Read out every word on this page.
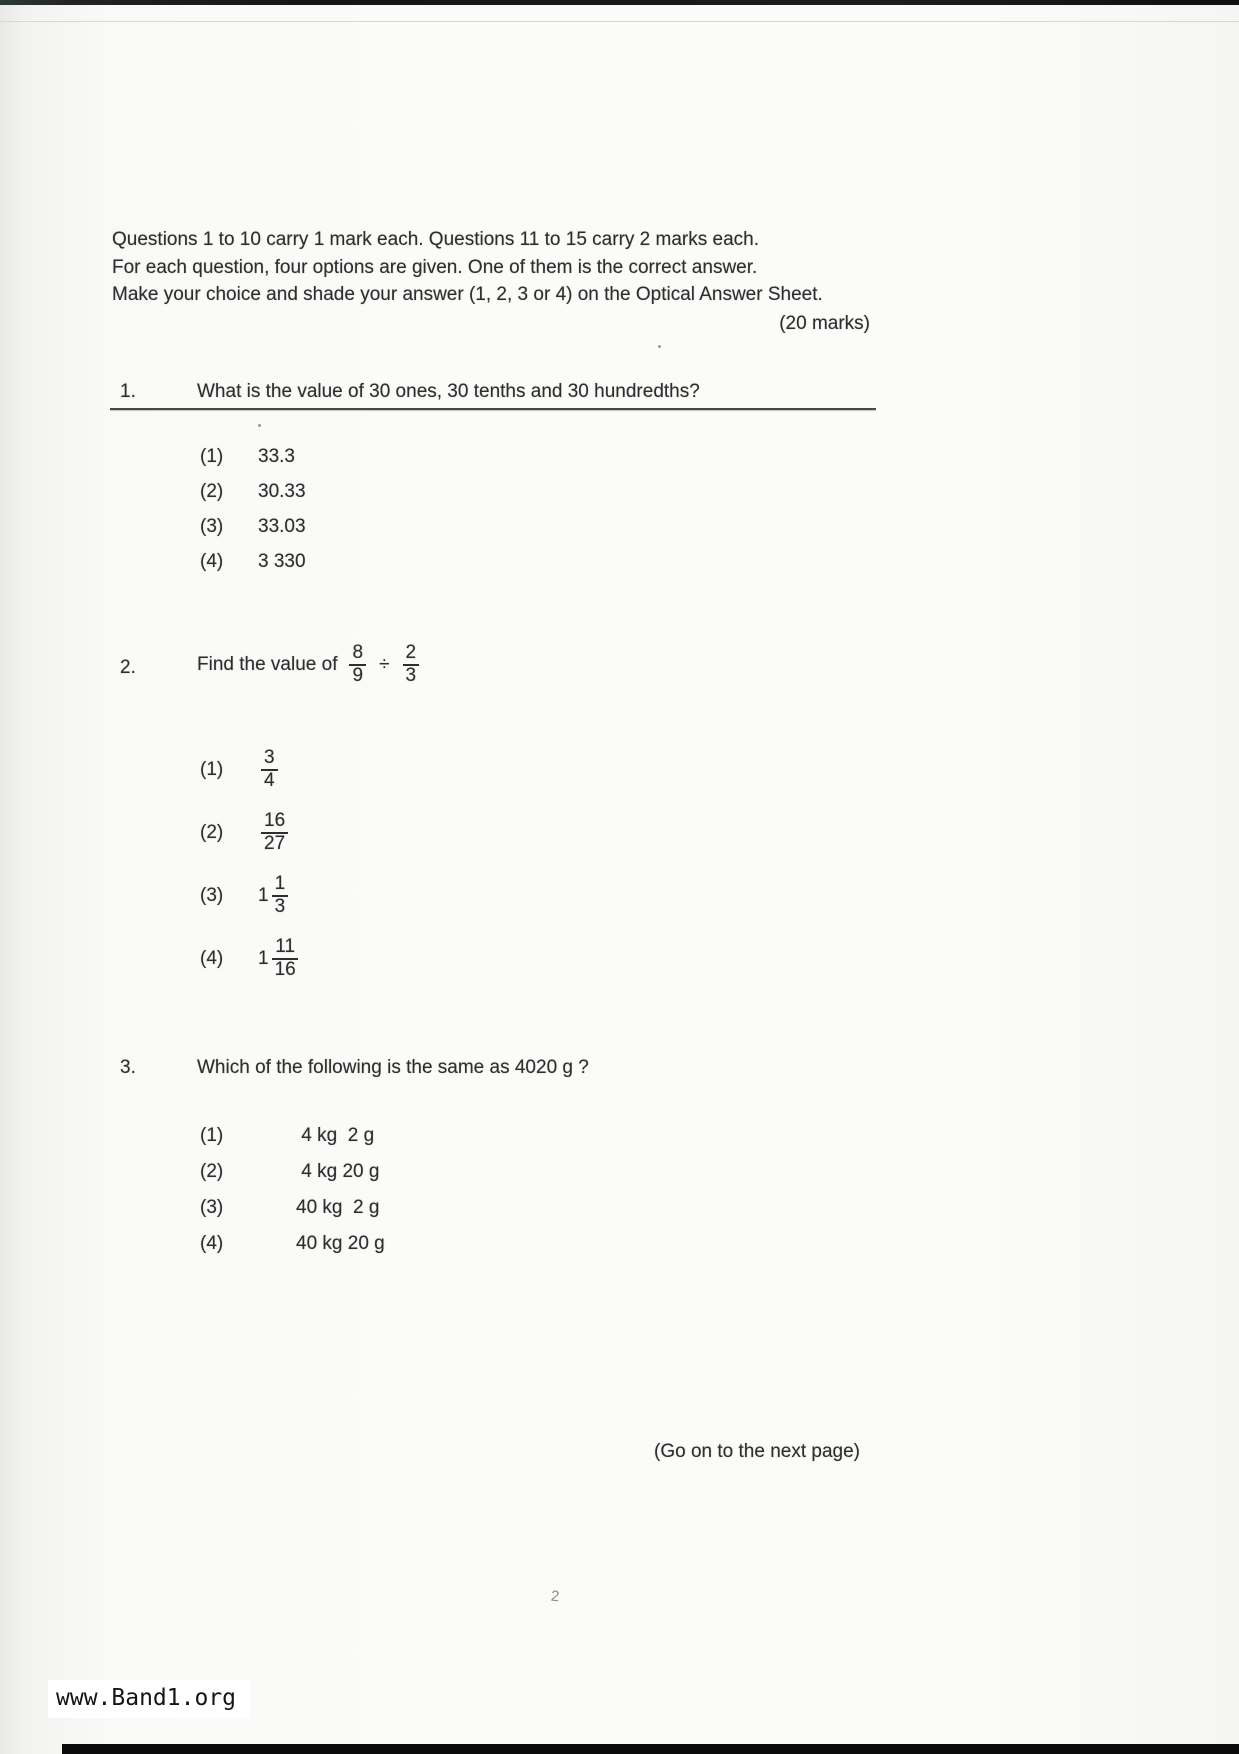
Questions 1 to 10 carry 1 mark each. Questions 11 to 15 carry 2 marks each.
For each question, four options are given. One of them is the correct answer.
Make your choice and shade your answer (1, 2, 3 or 4) on the Optical Answer Sheet.
(20 marks)
1.	What is the value of 30 ones, 30 tenths and 30 hundredths?
(1)	33.3
(2)	30.33
(3)	33.03
(4)	3 330
2.	Find the value of $\frac{8}{9} \div \frac{2}{3}$
(1)	$\frac{3}{4}$
(2)	$\frac{16}{27}$
(3)	$1 \frac{1}{3}$
(4)	$1 \frac{11}{16}$
3.	Which of the following is the same as 4020 g ?
(1)	4 kg  2 g
(2)	4 kg 20 g
(3)	40 kg  2 g
(4)	40 kg 20 g
(Go on to the next page)
2
www.Band1.org
